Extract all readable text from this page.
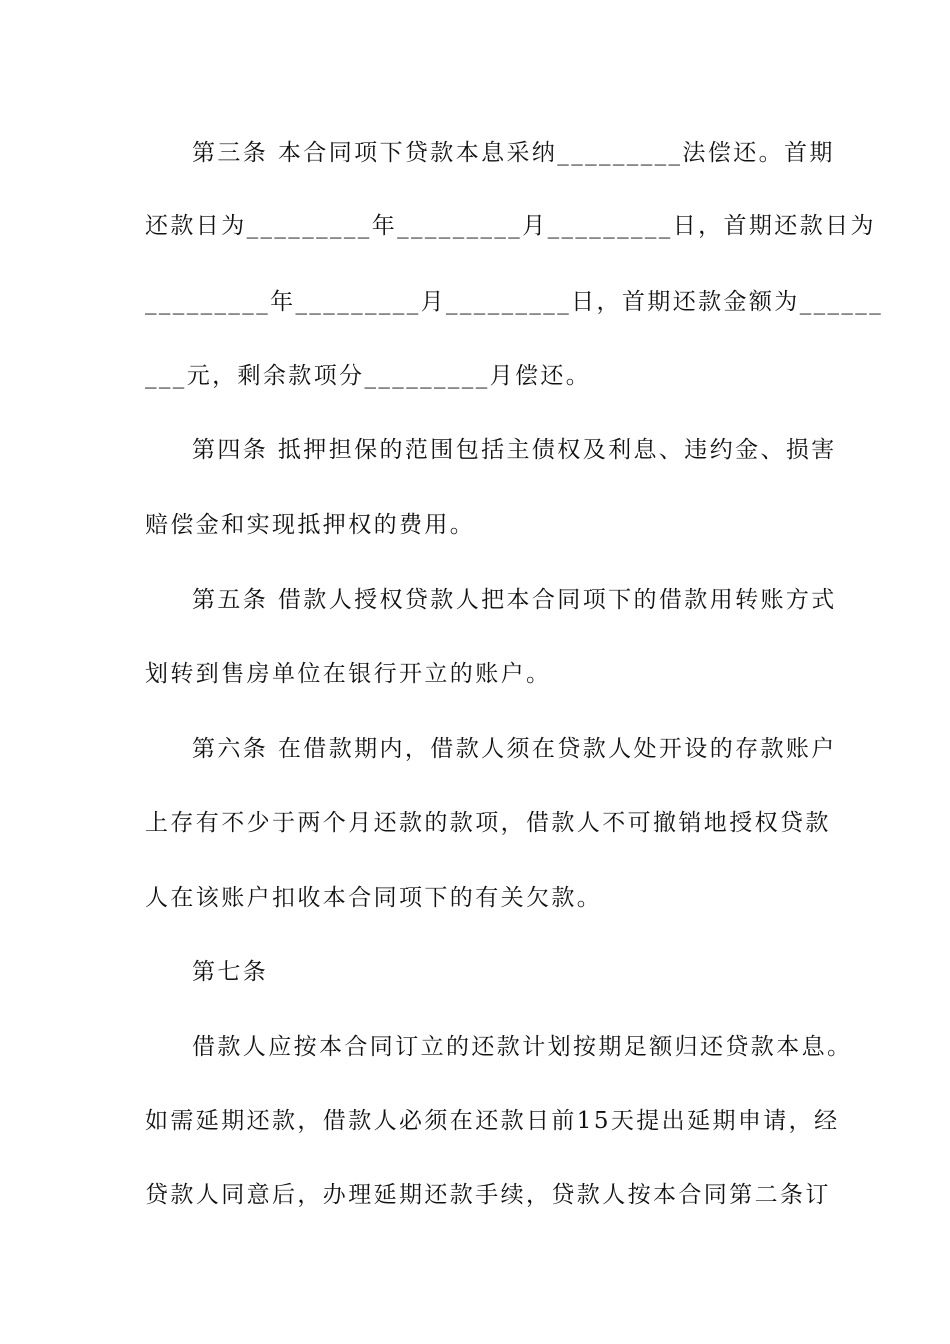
第三条 本合同项下贷款本息采纳_________法偿还。首期
还款日为_________年_________月_________日，首期还款日为
_________年_________月_________日，首期还款金额为______
___元，剩余款项分_________月偿还。
第四条 抵押担保的范围包括主债权及利息、违约金、损害
赔偿金和实现抵押权的费用。
第五条 借款人授权贷款人把本合同项下的借款用转账方式
划转到售房单位在银行开立的账户。
第六条 在借款期内，借款人须在贷款人处开设的存款账户
上存有不少于两个月还款的款项，借款人不可撤销地授权贷款
人在该账户扣收本合同项下的有关欠款。
第七条
借款人应按本合同订立的还款计划按期足额归还贷款本息。
如需延期还款，借款人必须在还款日前15天提出延期申请，经
贷款人同意后，办理延期还款手续，贷款人按本合同第二条订
